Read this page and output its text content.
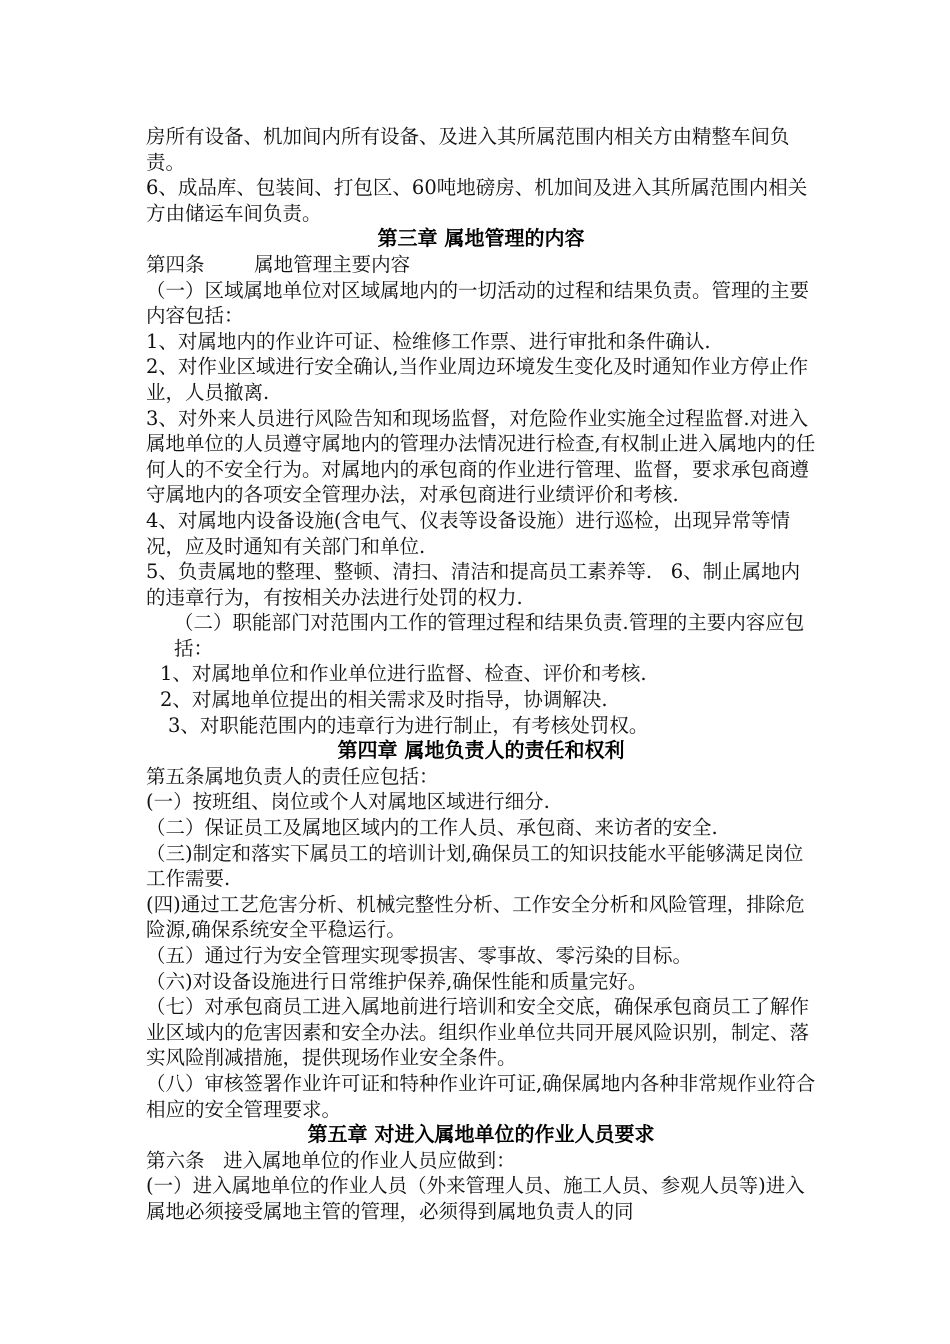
房所有设备、机加间内所有设备、及进入其所属范围内相关方由精整车间负责。

6、成品库、包装间、打包区、60吨地磅房、机加间及进入其所属范围内相关方由储运车间负责。

第三章 属地管理的内容

第四条        属地管理主要内容

（一）区域属地单位对区域属地内的一切活动的过程和结果负责。管理的主要内容包括：

1、对属地内的作业许可证、检维修工作票、进行审批和条件确认.

2、对作业区域进行安全确认,当作业周边环境发生变化及时通知作业方停止作业，人员撤离.

3、对外来人员进行风险告知和现场监督，对危险作业实施全过程监督.对进入属地单位的人员遵守属地内的管理办法情况进行检查,有权制止进入属地内的任何人的不安全行为。对属地内的承包商的作业进行管理、监督，要求承包商遵守属地内的各项安全管理办法，对承包商进行业绩评价和考核.

4、对属地内设备设施(含电气、仪表等设备设施）进行巡检，出现异常等情况，应及时通知有关部门和单位.

5、负责属地的整理、整顿、清扫、清洁和提高员工素养等.   6、制止属地内的违章行为，有按相关办法进行处罚的权力.

（二）职能部门对范围内工作的管理过程和结果负责.管理的主要内容应包括：

1、对属地单位和作业单位进行监督、检查、评价和考核.

2、对属地单位提出的相关需求及时指导，协调解决.

3、对职能范围内的违章行为进行制止，有考核处罚权。

第四章 属地负责人的责任和权利

第五条属地负责人的责任应包括：

(一）按班组、岗位或个人对属地区域进行细分.

（二）保证员工及属地区域内的工作人员、承包商、来访者的安全.

（三)制定和落实下属员工的培训计划,确保员工的知识技能水平能够满足岗位工作需要.

(四)通过工艺危害分析、机械完整性分析、工作安全分析和风险管理，排除危险源,确保系统安全平稳运行。

（五）通过行为安全管理实现零损害、零事故、零污染的目标。

（六)对设备设施进行日常维护保养,确保性能和质量完好。

（七）对承包商员工进入属地前进行培训和安全交底，确保承包商员工了解作业区域内的危害因素和安全办法。组织作业单位共同开展风险识别，制定、落实风险削减措施，提供现场作业安全条件。

（八）审核签署作业许可证和特种作业许可证,确保属地内各种非常规作业符合相应的安全管理要求。

第五章 对进入属地单位的作业人员要求

第六条   进入属地单位的作业人员应做到：

(一）进入属地单位的作业人员（外来管理人员、施工人员、参观人员等)进入属地必须接受属地主管的管理，必须得到属地负责人的同
